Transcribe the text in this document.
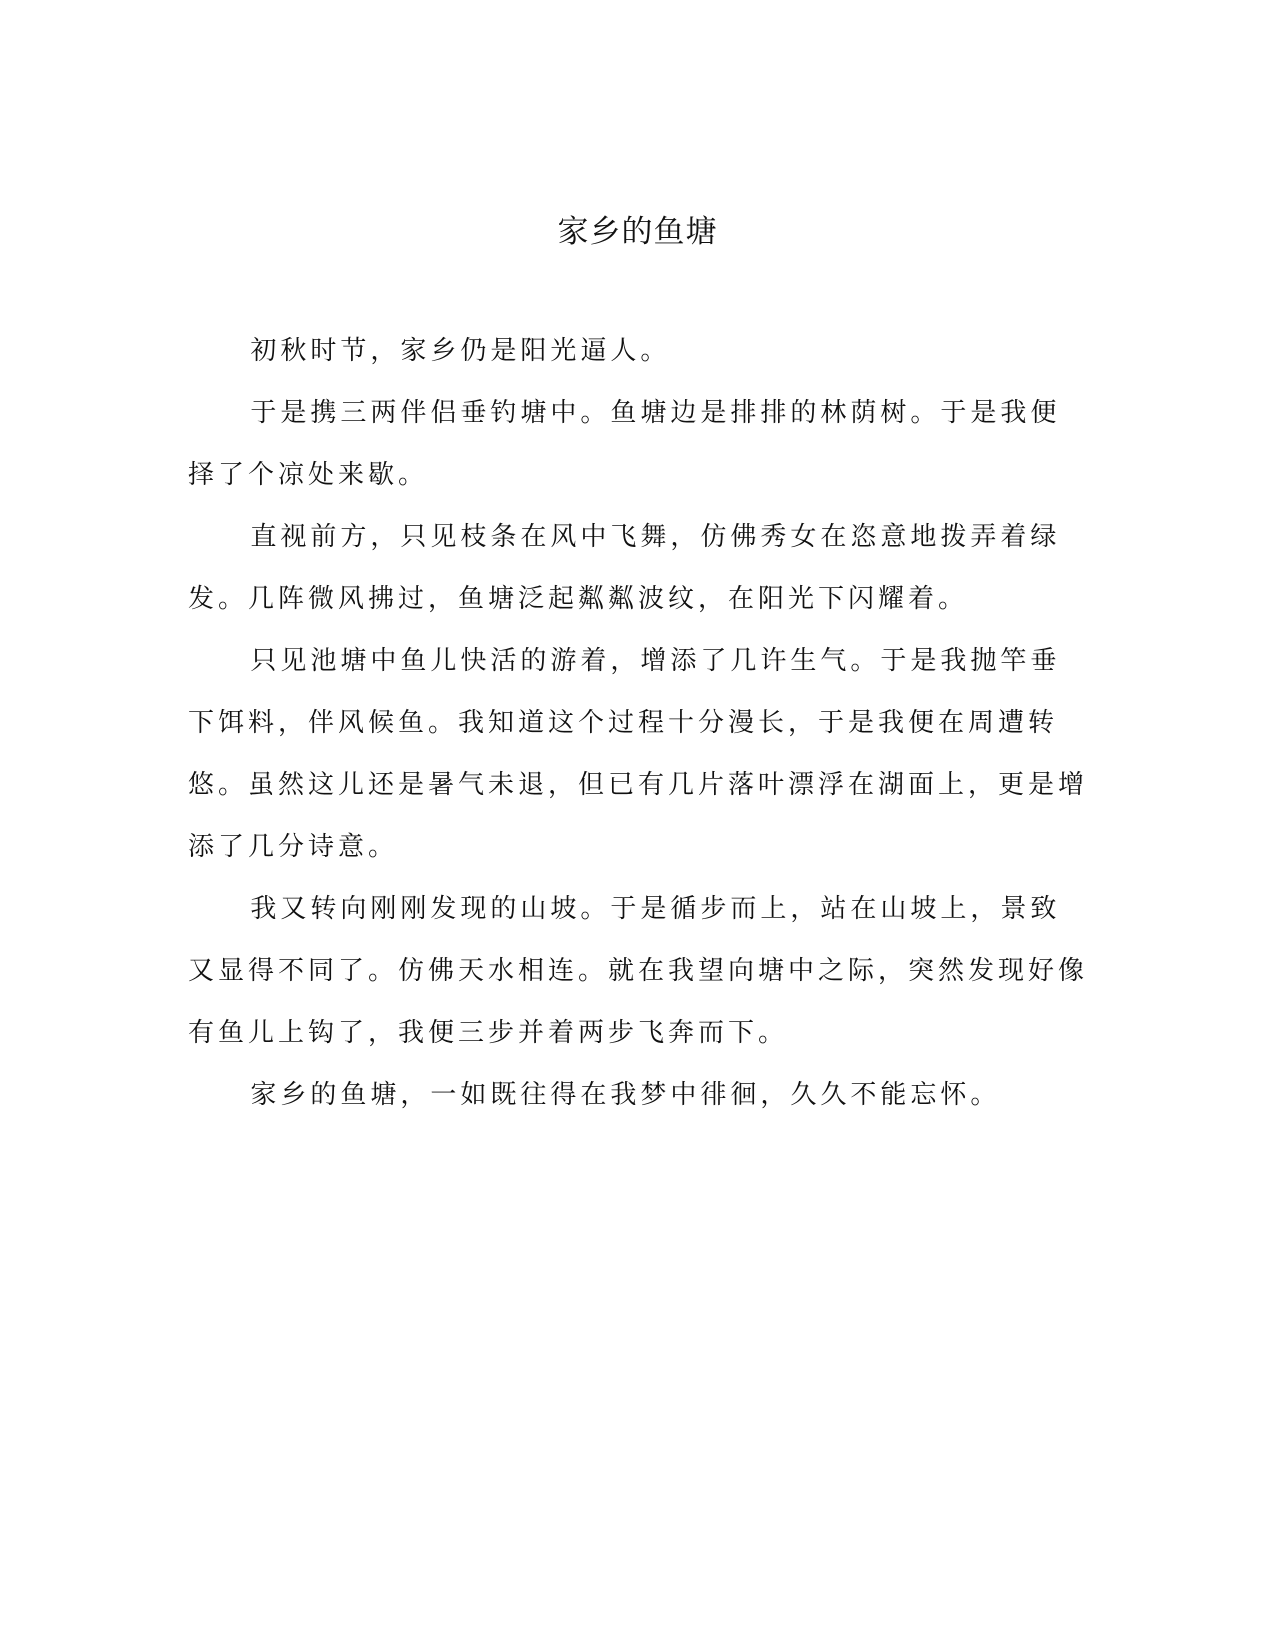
家乡的鱼塘

初秋时节，家乡仍是阳光逼人。

于是携三两伴侣垂钓塘中。鱼塘边是排排的林荫树。于是我便择了个凉处来歇。

直视前方，只见枝条在风中飞舞，仿佛秀女在恣意地拨弄着绿发。几阵微风拂过，鱼塘泛起粼粼波纹，在阳光下闪耀着。

只见池塘中鱼儿快活的游着，增添了几许生气。于是我抛竿垂下饵料，伴风候鱼。我知道这个过程十分漫长，于是我便在周遭转悠。虽然这儿还是暑气未退，但已有几片落叶漂浮在湖面上，更是增添了几分诗意。

我又转向刚刚发现的山坡。于是循步而上，站在山坡上，景致又显得不同了。仿佛天水相连。就在我望向塘中之际，突然发现好像有鱼儿上钩了，我便三步并着两步飞奔而下。

家乡的鱼塘，一如既往得在我梦中徘徊，久久不能忘怀。
